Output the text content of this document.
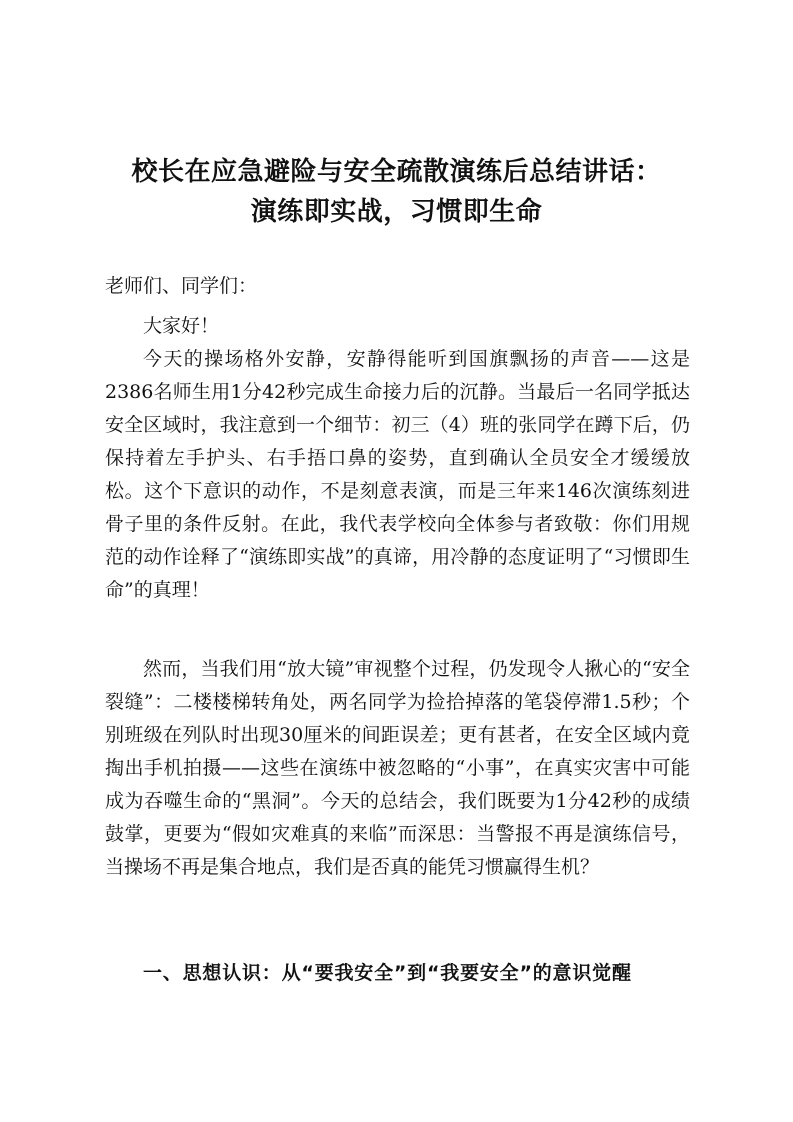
校长在应急避险与安全疏散演练后总结讲话：
演练即实战，习惯即生命
老师们、同学们：

大家好！

今天的操场格外安静，安静得能听到国旗飘扬的声音——这是2386名师生用1分42秒完成生命接力后的沉静。当最后一名同学抵达安全区域时，我注意到一个细节：初三（4）班的张同学在蹲下后，仍保持着左手护头、右手捂口鼻的姿势，直到确认全员安全才缓缓放松。这个下意识的动作，不是刻意表演，而是三年来146次演练刻进骨子里的条件反射。在此，我代表学校向全体参与者致敬：你们用规范的动作诠释了“演练即实战”的真谛，用冷静的态度证明了“习惯即生命”的真理！

然而，当我们用“放大镜”审视整个过程，仍发现令人揪心的“安全裂缝”：二楼楼梯转角处，两名同学为捡拾掉落的笔袋停滞1.5秒；个别班级在列队时出现30厘米的间距误差；更有甚者，在安全区域内竟掏出手机拍摄——这些在演练中被忽略的“小事”，在真实灾害中可能成为吞噬生命的“黑洞”。今天的总结会，我们既要为1分42秒的成绩鼓掌，更要为“假如灾难真的来临”而深思：当警报不再是演练信号，当操场不再是集合地点，我们是否真的能凭习惯赢得生机？

一、思想认识：从“要我安全”到“我要安全”的意识觉醒
